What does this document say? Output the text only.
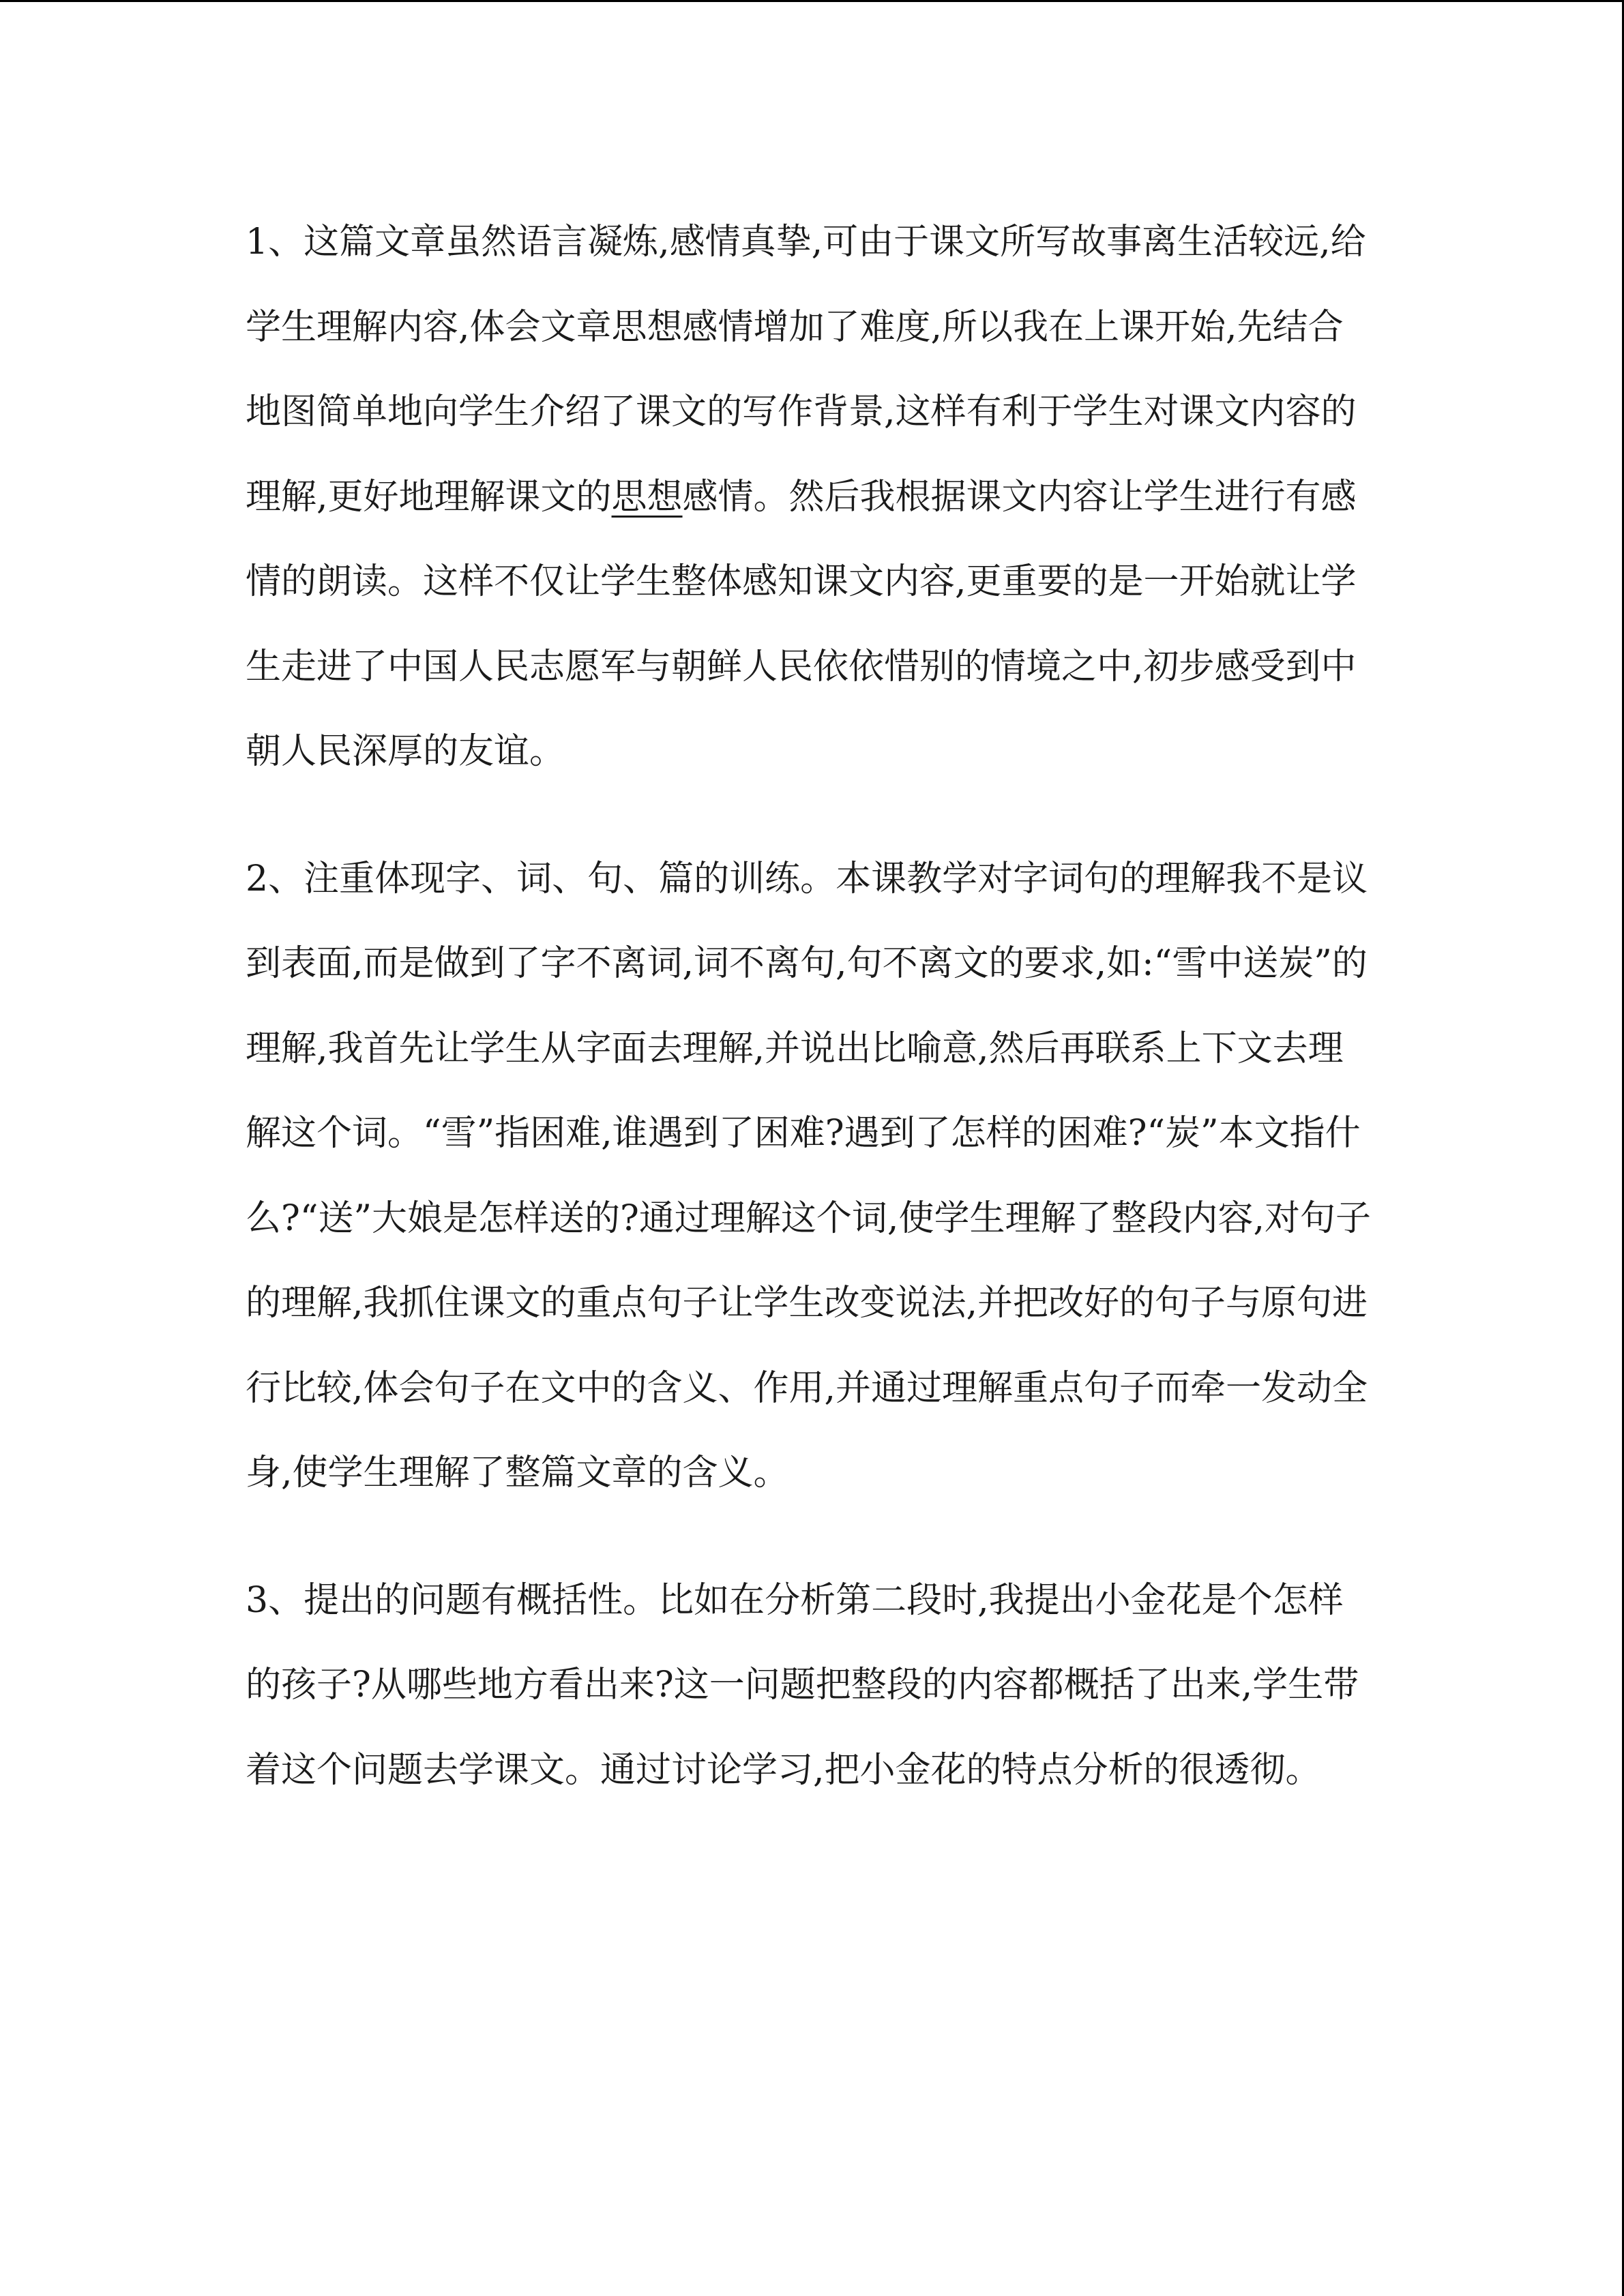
1、这篇文章虽然语言凝炼,感情真挚,可由于课文所写故事离生活较远,给学生理解内容,体会文章思想感情增加了难度,所以我在上课开始,先结合地图简单地向学生介绍了课文的写作背景,这样有利于学生对课文内容的理解,更好地理解课文的思想感情。然后我根据课文内容让学生进行有感情的朗读。这样不仅让学生整体感知课文内容,更重要的是一开始就让学生走进了中国人民志愿军与朝鲜人民依依惜别的情境之中,初步感受到中朝人民深厚的友谊。

2、注重体现字、词、句、篇的训练。本课教学对字词句的理解我不是议到表面,而是做到了字不离词,词不离句,句不离文的要求,如:“雪中送炭”的理解,我首先让学生从字面去理解,并说出比喻意,然后再联系上下文去理解这个词。“雪”指困难,谁遇到了困难?遇到了怎样的困难?“炭”本文指什么?“送”大娘是怎样送的?通过理解这个词,使学生理解了整段内容,对句子的理解,我抓住课文的重点句子让学生改变说法,并把改好的句子与原句进行比较,体会句子在文中的含义、作用,并通过理解重点句子而牵一发动全身,使学生理解了整篇文章的含义。

3、提出的问题有概括性。比如在分析第二段时,我提出小金花是个怎样的孩子?从哪些地方看出来?这一问题把整段的内容都概括了出来,学生带着这个问题去学课文。通过讨论学习,把小金花的特点分析的很透彻。
